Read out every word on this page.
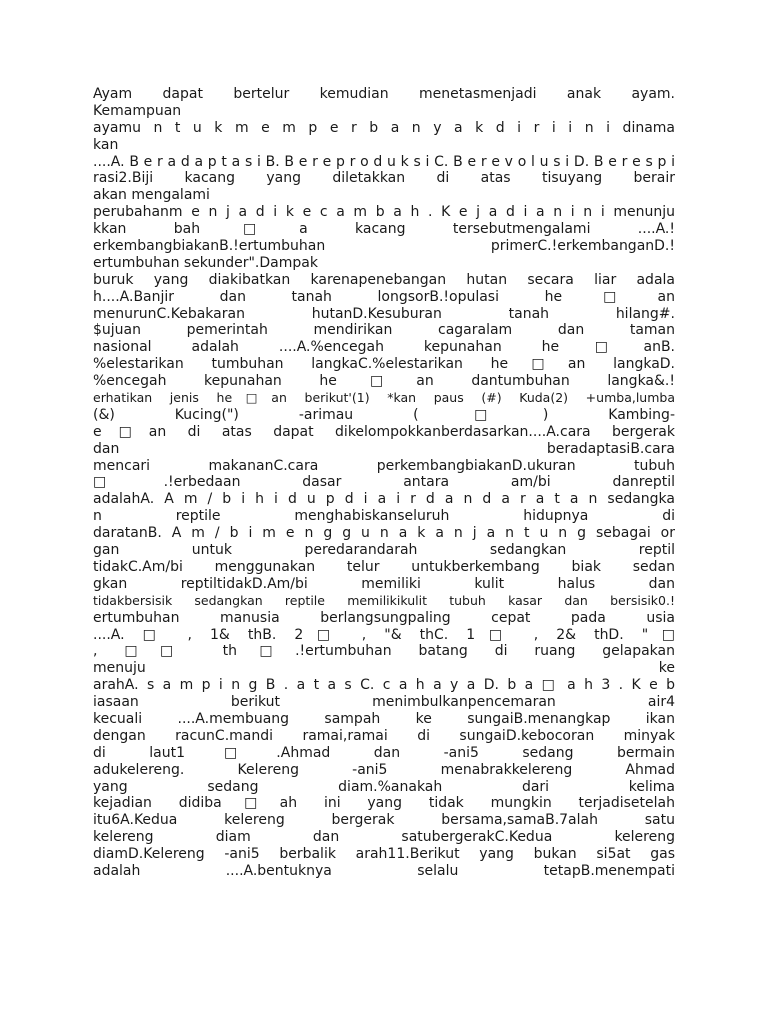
Ayam dapat bertelur kemudian menetasmenjadi anak ayam.
Kemampuan
ayamu n t u k m e m p e r b a n y a k d i r i i n i dinama
kan
....A. B e r a d a p t a s i B. B e r e p r o d u k s i C. B e r e v o l u s i D. B e r e s p i
rasi2.Biji kacang yang diletakkan di atas tisuyang berair
akan mengalami
perubahanm e n j a d i k e c a m b a h . K e j a d i a n i n i menunju
kkan bah□a kacang tersebutmengalami ....A.!
erkembangbiakanB.!ertumbuhan primerC.!erkembanganD.!
ertumbuhan sekunder".Dampak
buruk yang diakibatkan karenapenebangan hutan secara liar adala
h....A.Banjir dan tanah longsorB.!opulasi he□an
menurunC.Kebakaran hutanD.Kesuburan tanah hilang#.
$ujuan pemerintah mendirikan cagaralam dan taman
nasional adalah ....A.%encegah kepunahan he□anB.
%elestarikan tumbuhan langkaC.%elestarikan he□an langkaD.
%encegah kepunahan he□an dantumbuhan langka&.!
erhatikan jenis he□an berikut'(1) *kan paus (#) Kuda(2) +umba,lumba
(&) Kucing(") -arimau (□) Kambing-
e□an di atas dapat dikelompokkanberdasarkan....A.cara bergerak
dan beradaptasiB.cara
mencari makananC.cara perkembangbiakanD.ukuran tubuh
□.!erbedaan dasar antara am/bi danreptil
adalahA. A m / b i h i d u p d i a i r d a n d a r a t a n sedangka
n reptile menghabiskanseluruh hidupnya di
daratanB. A m / b i m e n g g u n a k a n j a n t u n g sebagai or
gan untuk peredarandarah sedangkan reptil
tidakC.Am/bi menggunakan telur untukberkembang biak sedan
gkan reptiltidakD.Am/bi memiliki kulit halus dan
tidakbersisik sedangkan reptile memilikikulit tubuh kasar dan bersisik0.!
ertumbuhan manusia berlangsungpaling cepat pada usia
....A. □ , 1& thB. 2□ , "& thC. 1□ , 2& thD. "□
, □□ th□.!ertumbuhan batang di ruang gelapakan
menuju ke
arahA. s a m p i n g B . a t a s C. c a h a y a D. b a □ a h 3 . K e b
iasaan berikut menimbulkanpencemaran air4
kecuali ....A.membuang sampah ke sungaiB.menangkap ikan
dengan racunC.mandi ramai,ramai di sungaiD.kebocoran minyak
di laut1□.Ahmad dan -ani5 sedang bermain
adukelereng. Kelereng -ani5 menabrakkelereng Ahmad
yang sedang diam.%anakah dari kelima
kejadian didiba□ah ini yang tidak mungkin terjadisetelah
itu6A.Kedua kelereng bergerak bersama,samaB.7alah satu
kelereng diam dan satubergerakC.Kedua kelereng
diamD.Kelereng -ani5 berbalik arah11.Berikut yang bukan si5at gas
adalah ....A.bentuknya selalu tetapB.menempati
